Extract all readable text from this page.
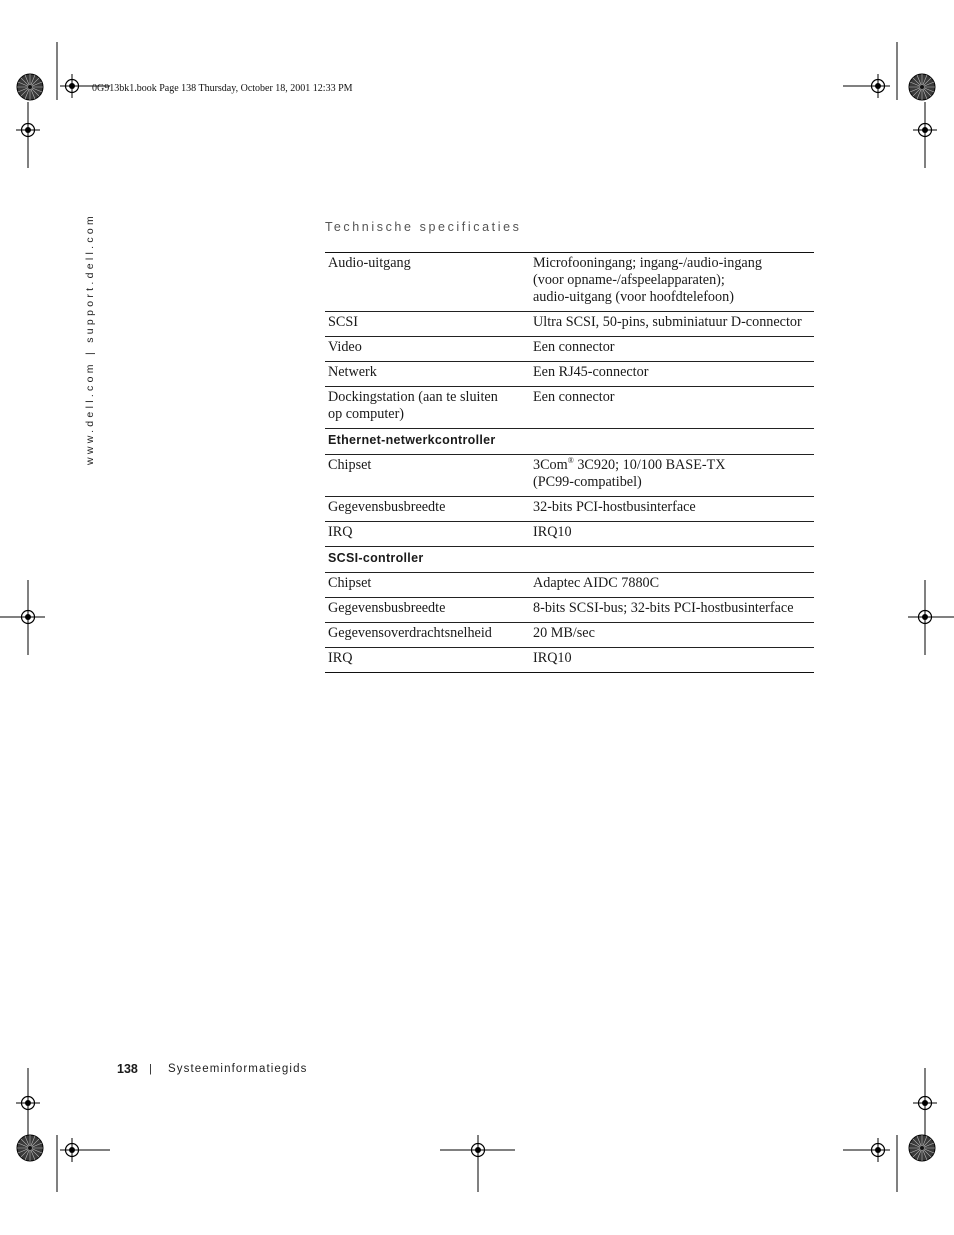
0G913bk1.book Page 138 Thursday, October 18, 2001 12:33 PM
www.dell.com | support.dell.com	Technische specificaties
Audio-uitgang	Microfooningang; ingang-/audio-ingang
(voor opname-/afspeelapparaten);
audio-uitgang (voor hoofdtelefoon)
SCSI	Ultra SCSI, 50-pins, subminiatuur D-connector
Video	Een connector
Netwerk	Een RJ45-connector
Dockingstation (aan te sluiten
op computer)	Een connector
Ethernet-netwerkcontroller	
Chipset	3Com® 3C920; 10/100 BASE-TX
(PC99-compatibel)
Gegevensbusbreedte	32-bits PCI-hostbusinterface
IRQ	IRQ10
SCSI-controller	
Chipset	Adaptec AIDC 7880C
Gegevensbusbreedte	8-bits SCSI-bus; 32-bits PCI-hostbusinterface
Gegevensoverdrachtsnelheid	20 MB/sec
IRQ	IRQ10
138 | Systeeminformatiegids
